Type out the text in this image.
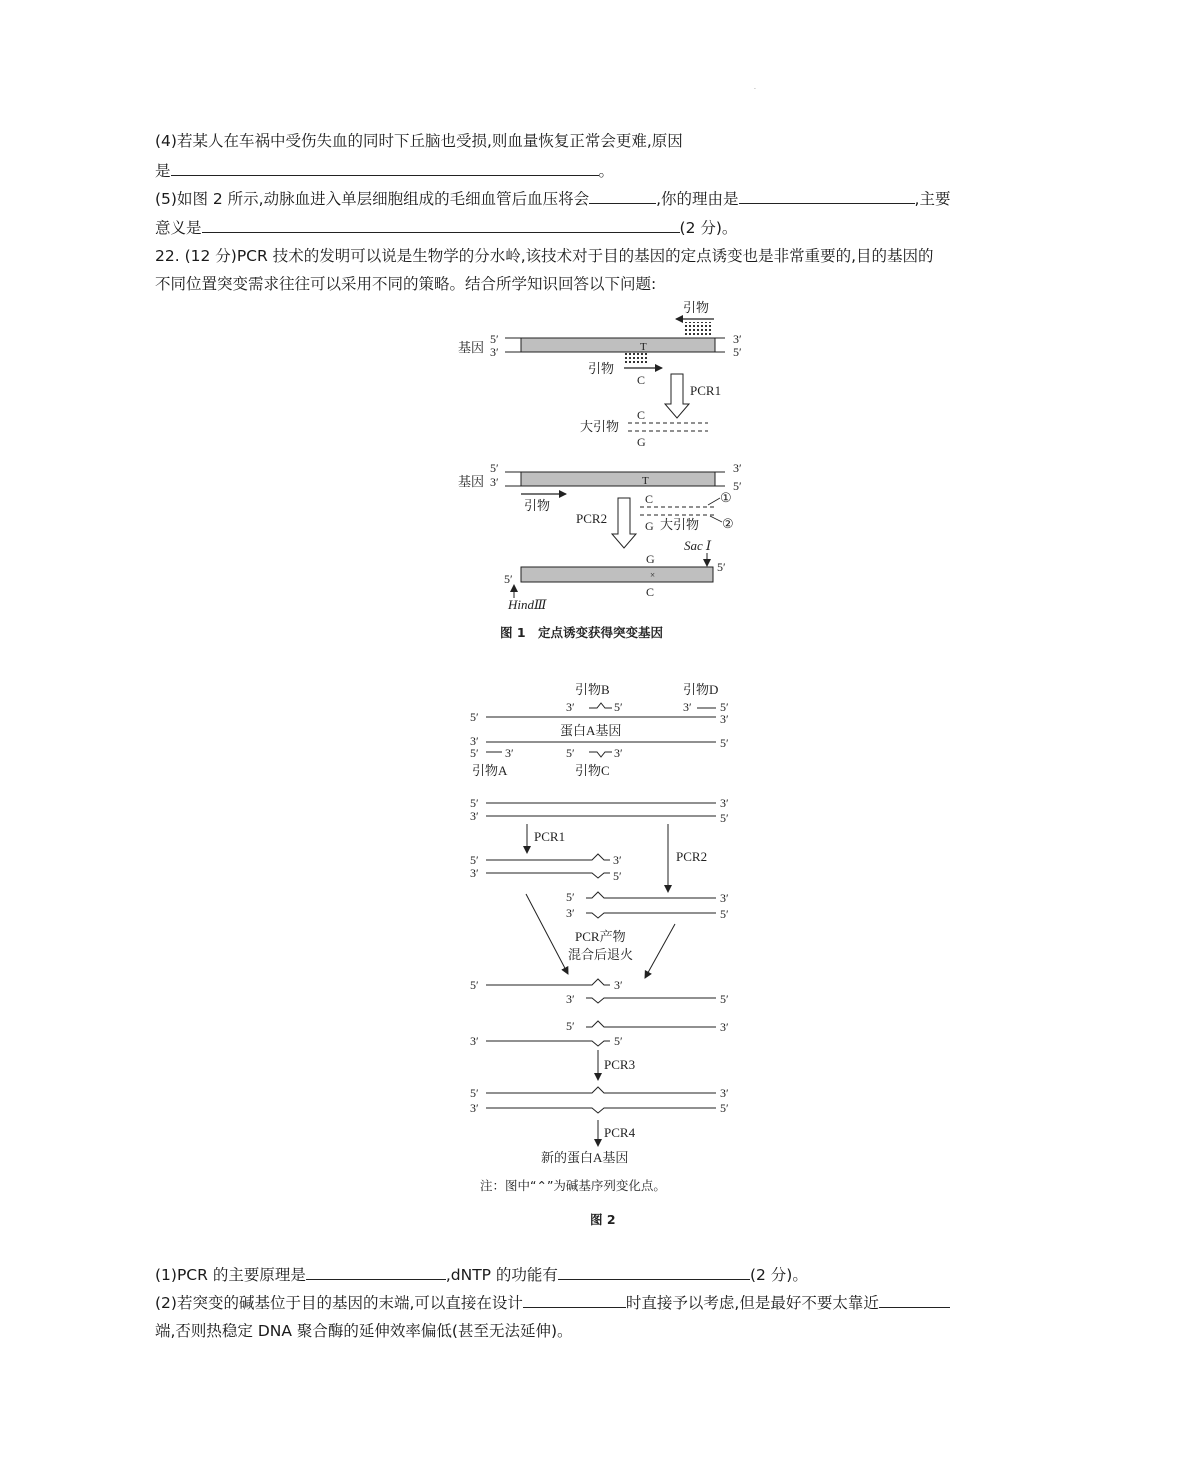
·
(4)若某人在车祸中受伤失血的同时下丘脑也受损,则血量恢复正常会更难,原因
是	。
(5)如图 2 所示,动脉血进入单层细胞组成的毛细血管后血压将会	,你的理由是	,主要
意义是	(2 分)。
22. (12 分)PCR 技术的发明可以说是生物学的分水岭,该技术对于目的基因的定点诱变也是非常重要的,目的基因的
不同位置突变需求往往可以采用不同的策略。结合所学知识回答以下问题:
引物
基因
5′
3′	T
3′
5′
引物
C
PCR1
C
大引物
G
基因
5′
3′	T
3′
5′
引物	C
G 大引物
①
②
PCR2
Sac Ⅰ
G
×
5′
5′
C
HindⅢ
图 1　定点诱变获得突变基因
引物B	引物D
3′	5′	3′ 5′
5′	3′
蛋白A基因
3′	5′
5′ 3′	5′	3′
引物A	引物C
5′	3′
3′	5′
PCR1
PCR2
5′	3′
3′	5′
5′	3′
3′	5′
PCR产物
混合后退火
5′	3′
3′	5′
5′	3′
3′	5′
PCR3
5′	3′
3′	5′
PCR4
新的蛋白A基因
注：图中“⌃”为碱基序列变化点。
图 2
(1)PCR 的主要原理是	,dNTP 的功能有	(2 分)。
(2)若突变的碱基位于目的基因的末端,可以直接在设计	时直接予以考虑,但是最好不要太靠近
端,否则热稳定 DNA 聚合酶的延伸效率偏低(甚至无法延伸)。
